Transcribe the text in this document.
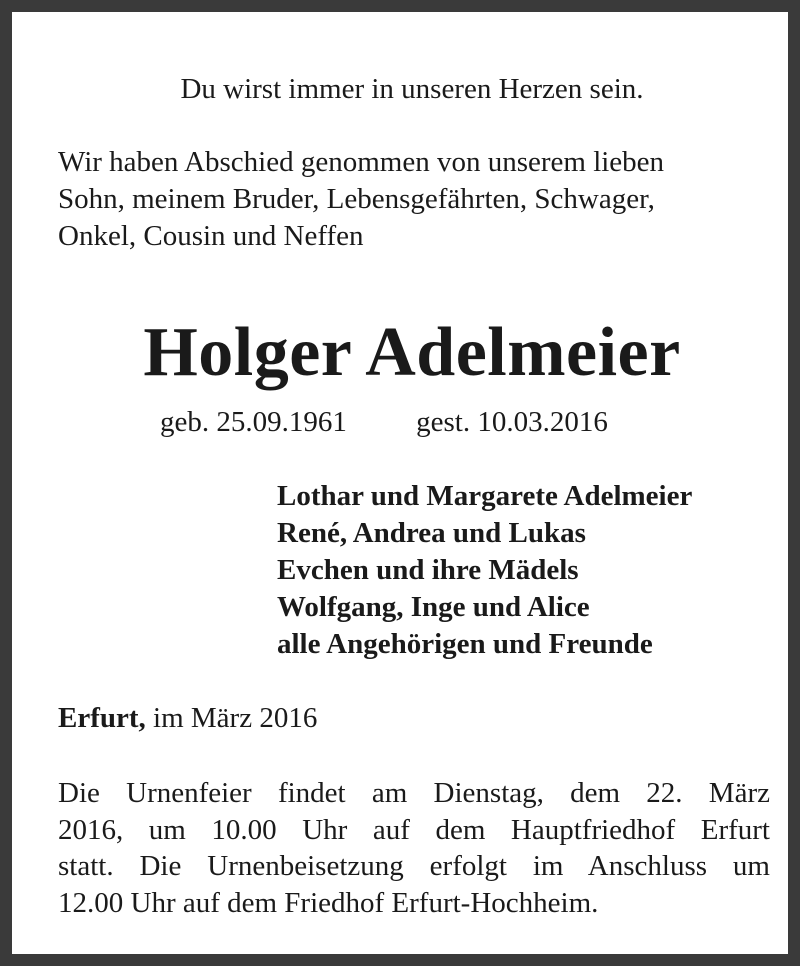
Du wirst immer in unseren Herzen sein.
Wir haben Abschied genommen von unserem lieben
Sohn, meinem Bruder, Lebensgefährten, Schwager,
Onkel, Cousin und Neffen
Holger Adelmeier
geb. 25.09.1961 gest. 10.03.2016
Lothar und Margarete Adelmeier
René, Andrea und Lukas
Evchen und ihre Mädels
Wolfgang, Inge und Alice
alle Angehörigen und Freunde
Erfurt, im März 2016
Die Urnenfeier findet am Dienstag, dem 22. März
2016, um 10.00 Uhr auf dem Hauptfriedhof Erfurt
statt. Die Urnenbeisetzung erfolgt im Anschluss um
12.00 Uhr auf dem Friedhof Erfurt-Hochheim.
